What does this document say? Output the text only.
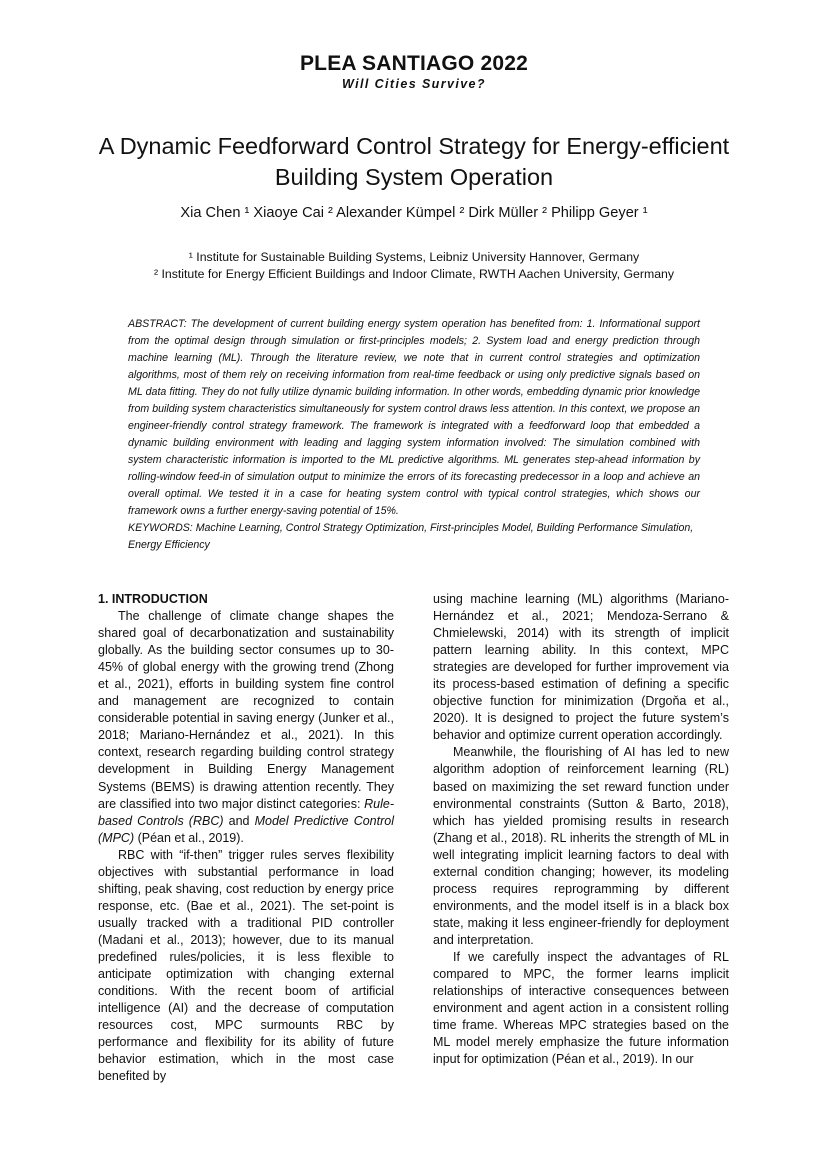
PLEA SANTIAGO 2022
Will Cities Survive?
A Dynamic Feedforward Control Strategy for Energy-efficient Building System Operation
Xia Chen ¹ Xiaoye Cai ² Alexander Kümpel ² Dirk Müller ² Philipp Geyer ¹
¹ Institute for Sustainable Building Systems, Leibniz University Hannover, Germany
² Institute for Energy Efficient Buildings and Indoor Climate, RWTH Aachen University, Germany

ABSTRACT: The development of current building energy system operation has benefited from: 1. Informational support from the optimal design through simulation or first-principles models; 2. System load and energy prediction through machine learning (ML). Through the literature review, we note that in current control strategies and optimization algorithms, most of them rely on receiving information from real-time feedback or using only predictive signals based on ML data fitting. They do not fully utilize dynamic building information. In other words, embedding dynamic prior knowledge from building system characteristics simultaneously for system control draws less attention. In this context, we propose an engineer-friendly control strategy framework. The framework is integrated with a feedforward loop that embedded a dynamic building environment with leading and lagging system information involved: The simulation combined with system characteristic information is imported to the ML predictive algorithms. ML generates step-ahead information by rolling-window feed-in of simulation output to minimize the errors of its forecasting predecessor in a loop and achieve an overall optimal. We tested it in a case for heating system control with typical control strategies, which shows our framework owns a further energy-saving potential of 15%.

KEYWORDS: Machine Learning, Control Strategy Optimization, First-principles Model, Building Performance Simulation, Energy Efficiency

1. INTRODUCTION

The challenge of climate change shapes the shared goal of decarbonatization and sustainability globally. As the building sector consumes up to 30-45% of global energy with the growing trend (Zhong et al., 2021), efforts in building system fine control and management are recognized to contain considerable potential in saving energy (Junker et al., 2018; Mariano-Hernández et al., 2021). In this context, research regarding building control strategy development in Building Energy Management Systems (BEMS) is drawing attention recently. They are classified into two major distinct categories: Rule-based Controls (RBC) and Model Predictive Control (MPC) (Péan et al., 2019).

RBC with “if-then” trigger rules serves flexibility objectives with substantial performance in load shifting, peak shaving, cost reduction by energy price response, etc. (Bae et al., 2021). The set-point is usually tracked with a traditional PID controller (Madani et al., 2013); however, due to its manual predefined rules/policies, it is less flexible to anticipate optimization with changing external conditions. With the recent boom of artificial intelligence (AI) and the decrease of computation resources cost, MPC surmounts RBC by performance and flexibility for its ability of future behavior estimation, which in the most case benefited by

using machine learning (ML) algorithms (Mariano-Hernández et al., 2021; Mendoza-Serrano & Chmielewski, 2014) with its strength of implicit pattern learning ability. In this context, MPC strategies are developed for further improvement via its process-based estimation of defining a specific objective function for minimization (Drgoňa et al., 2020). It is designed to project the future system’s behavior and optimize current operation accordingly.

Meanwhile, the flourishing of AI has led to new algorithm adoption of reinforcement learning (RL) based on maximizing the set reward function under environmental constraints (Sutton & Barto, 2018), which has yielded promising results in research (Zhang et al., 2018). RL inherits the strength of ML in well integrating implicit learning factors to deal with external condition changing; however, its modeling process requires reprogramming by different environments, and the model itself is in a black box state, making it less engineer-friendly for deployment and interpretation.

If we carefully inspect the advantages of RL compared to MPC, the former learns implicit relationships of interactive consequences between environment and agent action in a consistent rolling time frame. Whereas MPC strategies based on the ML model merely emphasize the future information input for optimization (Péan et al., 2019). In our
